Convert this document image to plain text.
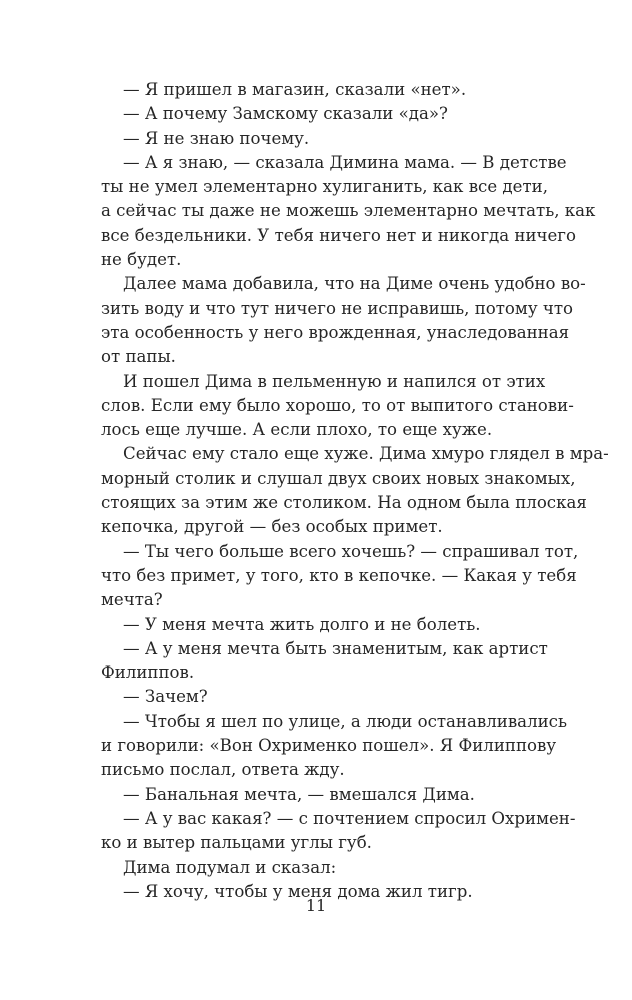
— Я пришел в магазин, сказали «нет».
— А почему Замскому сказали «да»?
— Я не знаю почему.
— А я знаю, — сказала Димина мама. — В детстве
ты не умел элементарно хулиганить, как все дети,
а сейчас ты даже не можешь элементарно мечтать, как
все бездельники. У тебя ничего нет и никогда ничего
не будет.
Далее мама добавила, что на Диме очень удобно во-
зить воду и что тут ничего не исправишь, потому что
эта особенность у него врожденная, унаследованная
от папы.
И пошел Дима в пельменную и напился от этих
слов. Если ему было хорошо, то от выпитого станови-
лось еще лучше. А если плохо, то еще хуже.
Сейчас ему стало еще хуже. Дима хмуро глядел в мра-
морный столик и слушал двух своих новых знакомых,
стоящих за этим же столиком. На одном была плоская
кепочка, другой — без особых примет.
— Ты чего больше всего хочешь? — спрашивал тот,
что без примет, у того, кто в кепочке. — Какая у тебя
мечта?
— У меня мечта жить долго и не болеть.
— А у меня мечта быть знаменитым, как артист
Филиппов.
— Зачем?
— Чтобы я шел по улице, а люди останавливались
и говорили: «Вон Охрименко пошел». Я Филиппову
письмо послал, ответа жду.
— Банальная мечта, — вмешался Дима.
— А у вас какая? — с почтением спросил Охримен-
ко и вытер пальцами углы губ.
Дима подумал и сказал:
— Я хочу, чтобы у меня дома жил тигр.
11
